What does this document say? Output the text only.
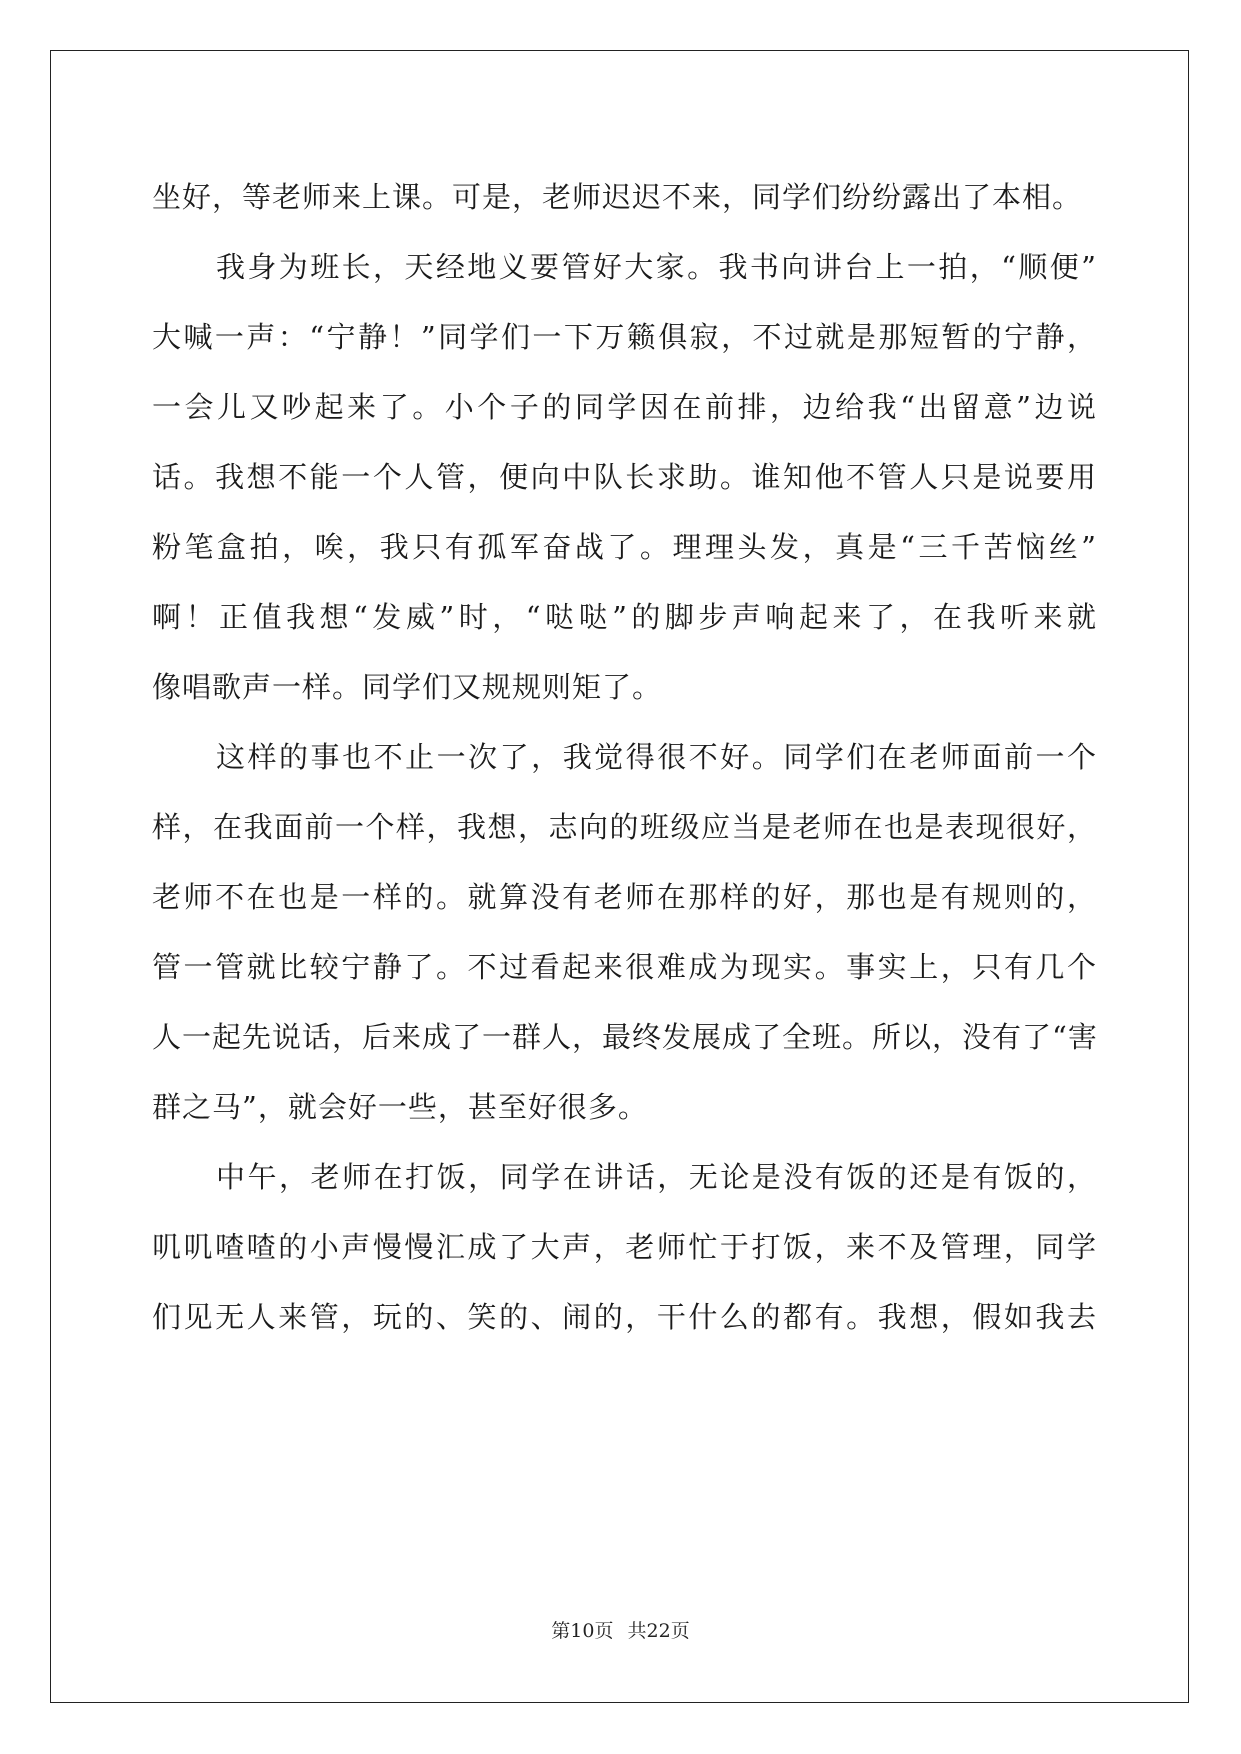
坐好，等老师来上课。可是，老师迟迟不来，同学们纷纷露出了本相。
我身为班长，天经地义要管好大家。我书向讲台上一拍，“顺便”
大喊一声：“宁静！”同学们一下万籁俱寂，不过就是那短暂的宁静，
一会儿又吵起来了。小个子的同学因在前排，边给我“出留意”边说
话。我想不能一个人管，便向中队长求助。谁知他不管人只是说要用
粉笔盒拍，唉，我只有孤军奋战了。理理头发，真是“三千苦恼丝”
啊！正值我想“发威”时，“哒哒”的脚步声响起来了，在我听来就
像唱歌声一样。同学们又规规则矩了。
这样的事也不止一次了，我觉得很不好。同学们在老师面前一个
样，在我面前一个样，我想，志向的班级应当是老师在也是表现很好，
老师不在也是一样的。就算没有老师在那样的好，那也是有规则的，
管一管就比较宁静了。不过看起来很难成为现实。事实上，只有几个
人一起先说话，后来成了一群人，最终发展成了全班。所以，没有了“害
群之马”，就会好一些，甚至好很多。
中午，老师在打饭，同学在讲话，无论是没有饭的还是有饭的，
叽叽喳喳的小声慢慢汇成了大声，老师忙于打饭，来不及管理，同学
们见无人来管，玩的、笑的、闹的，干什么的都有。我想，假如我去
第10页 共22页
